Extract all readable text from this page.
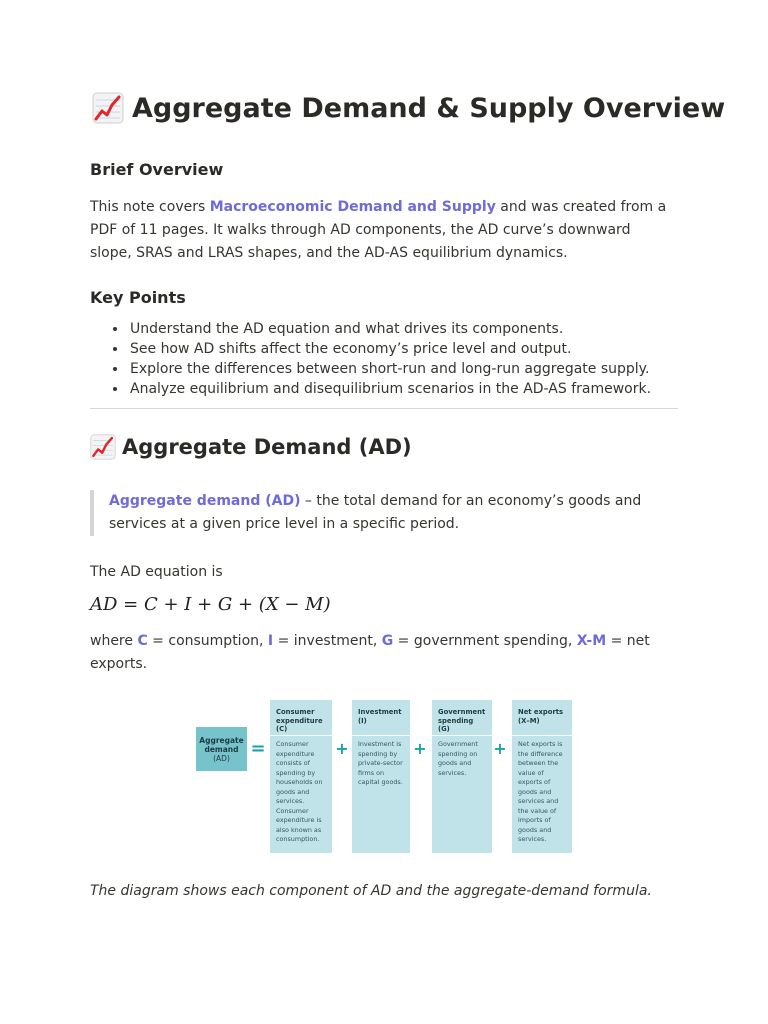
Aggregate Demand & Supply Overview
Brief Overview
This note covers Macroeconomic Demand and Supply and was created from a PDF of 11 pages. It walks through AD components, the AD curve’s downward slope, SRAS and LRAS shapes, and the AD-AS equilibrium dynamics.
Key Points
• Understand the AD equation and what drives its components.
• See how AD shifts affect the economy’s price level and output.
• Explore the differences between short-run and long-run aggregate supply.
• Analyze equilibrium and disequilibrium scenarios in the AD-AS framework.
Aggregate Demand (AD)
Aggregate demand (AD) – the total demand for an economy’s goods and services at a given price level in a specific period.
The AD equation is
AD = C + I + G + (X − M)
where C = consumption, I = investment, G = government spending, X-M = net exports.
Aggregate
demand
(AD)	=
Consumer
expenditure
(C)
Consumer
expenditure
consists of
spending by
households on
goods and
services.
Consumer
expenditure is
also known as
consumption.
+
Investment
(I)
Investment is
spending by
private-sector
firms on
capital goods.
+
Government
spending
(G)
Government
spending on
goods and
services.
+
Net exports
(X–M)
Net exports is
the difference
between the
value of
exports of
goods and
services and
the value of
imports of
goods and
services.
The diagram shows each component of AD and the aggregate-demand formula.
